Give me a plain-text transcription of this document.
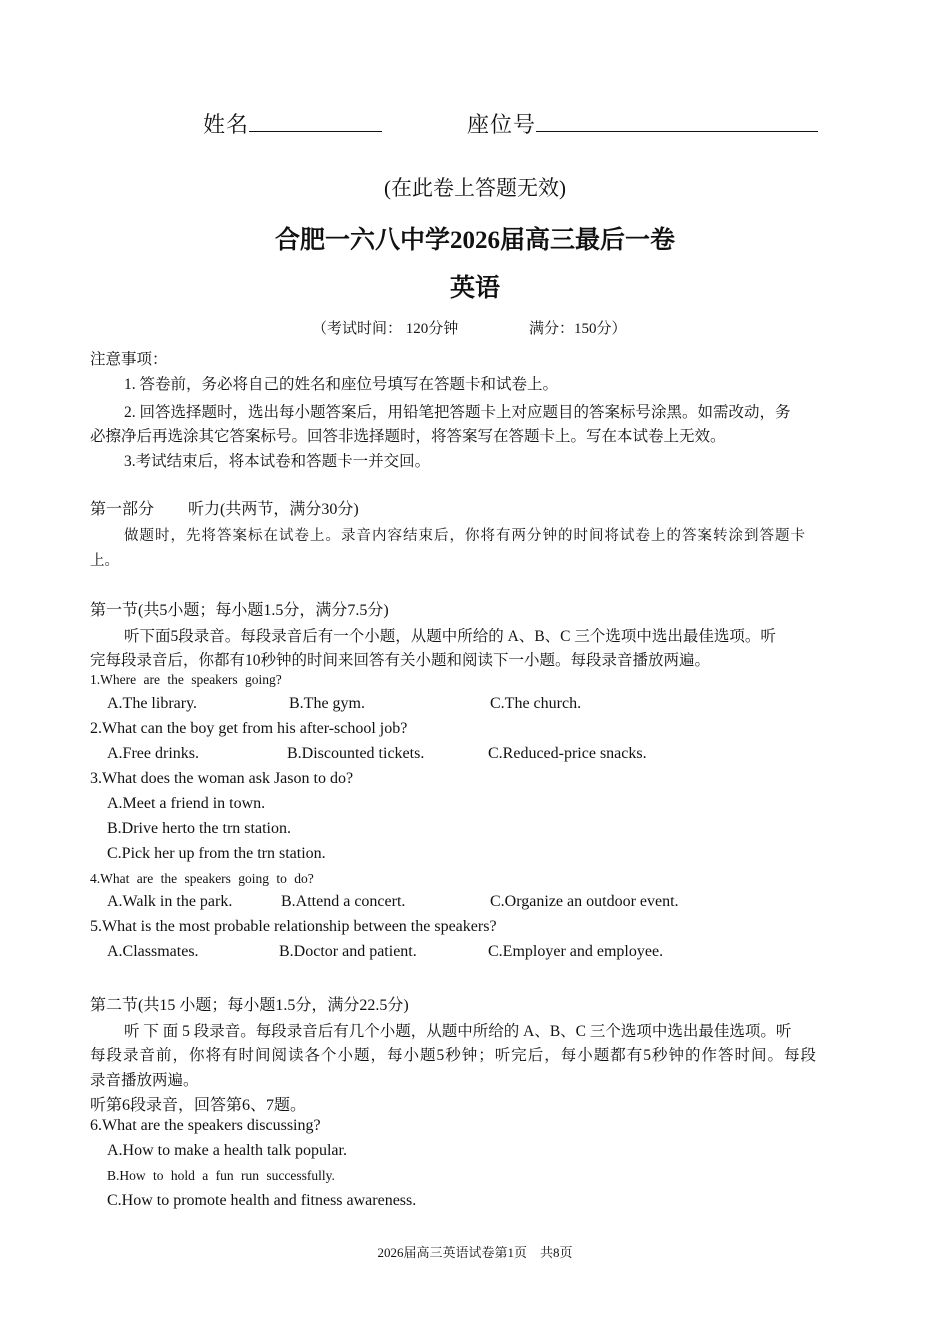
姓名	座位号
(在此卷上答题无效)
合肥一六八中学2026届高三最后一卷
英语
（考试时间： 120分钟	满分：150分）
注意事项：
1. 答卷前，务必将自己的姓名和座位号填写在答题卡和试卷上。
2. 回答选择题时，选出每小题答案后，用铅笔把答题卡上对应题目的答案标号涂黑。如需改动，务
必擦净后再选涂其它答案标号。回答非选择题时，将答案写在答题卡上。写在本试卷上无效。
3.考试结束后，将本试卷和答题卡一并交回。
第一部分 听力(共两节，满分30分)
做题时，先将答案标在试卷上。录音内容结束后，你将有两分钟的时间将试卷上的答案转涂到答题卡
上。
第一节(共5小题；每小题1.5分，满分7.5分)
听下面5段录音。每段录音后有一个小题，从题中所给的 A、B、C 三个选项中选出最佳选项。听
完每段录音后，你都有10秒钟的时间来回答有关小题和阅读下一小题。每段录音播放两遍。
1.Where are the speakers going?
A.The library.	B.The gym.	C.The church.
2.What can the boy get from his after-school job?
A.Free drinks.	B.Discounted tickets.	C.Reduced-price snacks.
3.What does the woman ask Jason to do?
A.Meet a friend in town.
B.Drive herto the trn station.
C.Pick her up from the trn station.
4.What are the speakers going to do?
A.Walk in the park.	B.Attend a concert.	C.Organize an outdoor event.
5.What is the most probable relationship between the speakers?
A.Classmates.	B.Doctor and patient.	C.Employer and employee.
第二节(共15 小题；每小题1.5分，满分22.5分)
听 下 面 5 段录音。每段录音后有几个小题，从题中所给的 A、B、C 三个选项中选出最佳选项。听
每段录音前，你将有时间阅读各个小题，每小题5秒钟；听完后，每小题都有5秒钟的作答时间。每段
录音播放两遍。
听第6段录音，回答第6、7题。
6.What are the speakers discussing?
A.How to make a health talk popular.
B.How to hold a fun run successfully.
C.How to promote health and fitness awareness.
2026届高三英语试卷第1页　共8页
